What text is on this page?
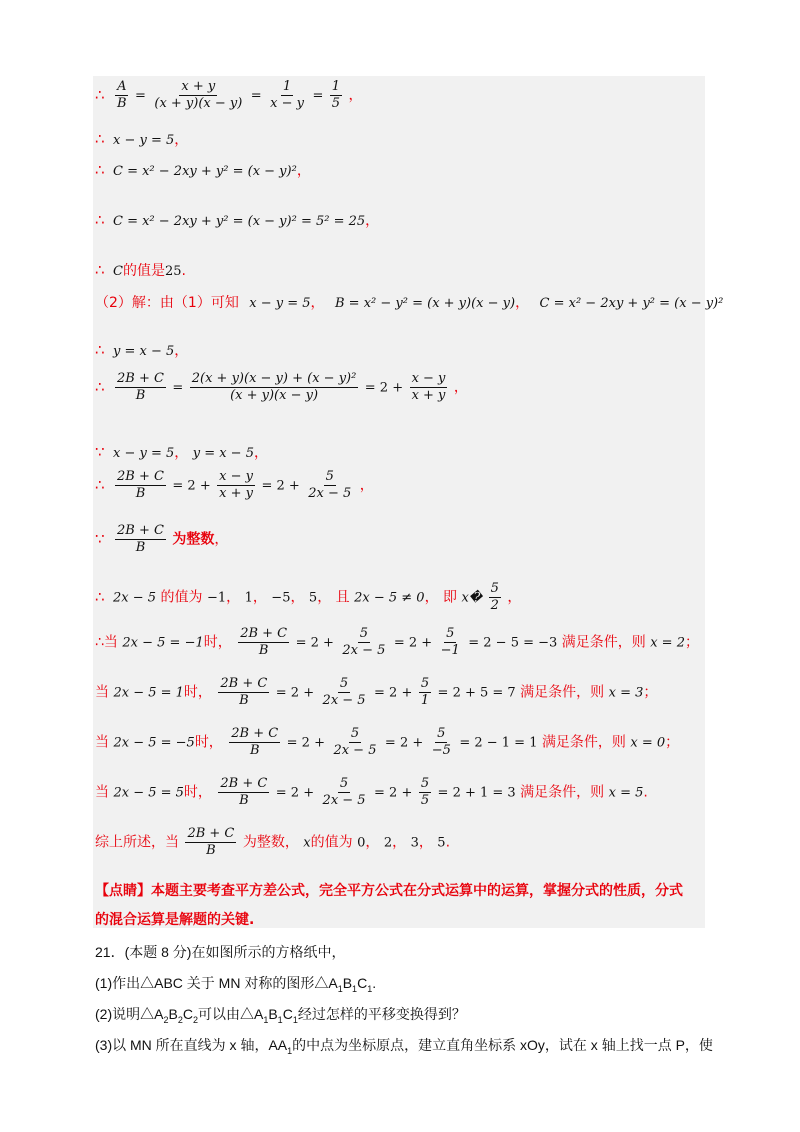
∴ $\frac{A}{B} = \frac{x + y}{(x + y)(x - y)} = \frac{1}{x - y} = \frac{1}{5}$ ，
∴ x − y = 5，
∴ C = x² − 2xy + y² = (x − y)²，
∴ C = x² − 2xy + y² = (x − y)² = 5² = 25，
∴ C的值是25.
（2）解：由（1）可知 x − y = 5， B = x² − y² = (x + y)(x − y)， C = x² − 2xy + y² = (x − y)²
∴ y = x − 5，
∴ $\frac{2B + C}{B} = \frac{\text{2(x + y)(x − y) + (x − y)²}}{(x + y)(x - y)} = 2 + \frac{x - y}{x + y}$ ，
∵ x − y = 5， y = x − 5，
∴ $\frac{2B + C}{B} = 2 + \frac{x - y}{x + y} = 2 + \frac{5}{2x - 5}$ ，
∵ $\frac{2B + C}{B}$ 为整数，
∴ 2x − 5 的值为 −1， 1， −5， 5， 且 2x − 5 ≠ 0， 即 x� $\frac{5}{2}$ ，
∴当 2x − 5 = −1时， $\frac{2B + C}{B} = 2 + \frac{5}{2x - 5} = 2 + \frac{5}{-1} = 2 - 5 = -3$ 满足条件，则 x = 2；
当 2x − 5 = 1时， $\frac{2B + C}{B} = 2 + \frac{5}{2x - 5} = 2 + \frac{5}{1} = 2 + 5 = 7$ 满足条件，则 x = 3；
当 2x − 5 = −5时， $\frac{2B + C}{B} = 2 + \frac{5}{2x - 5} = 2 + \frac{5}{-5} = 2 - 1 = 1$ 满足条件，则 x = 0；
当 2x − 5 = 5时， $\frac{2B + C}{B} = 2 + \frac{5}{2x - 5} = 2 + \frac{5}{5} = 2 + 1 = 3$ 满足条件，则 x = 5.
综上所述，当 $\frac{2B + C}{B}$ 为整数， x的值为 0， 2， 3， 5.
【点睛】本题主要考查平方差公式，完全平方公式在分式运算中的运算，掌握分式的性质，分式
的混合运算是解题的关键.
21．(本题 8 分)在如图所示的方格纸中，
(1)作出△ABC 关于 MN 对称的图形$\triangle A_1B_1C_1$.
(2)说明$\triangle A_2B_2C_2$可以由$\triangle A_1B_1C_1$经过怎样的平移变换得到？
(3)以 MN 所在直线为 x 轴，$AA_1$的中点为坐标原点，建立直角坐标系 xOy，试在 x 轴上找一点 P，使
